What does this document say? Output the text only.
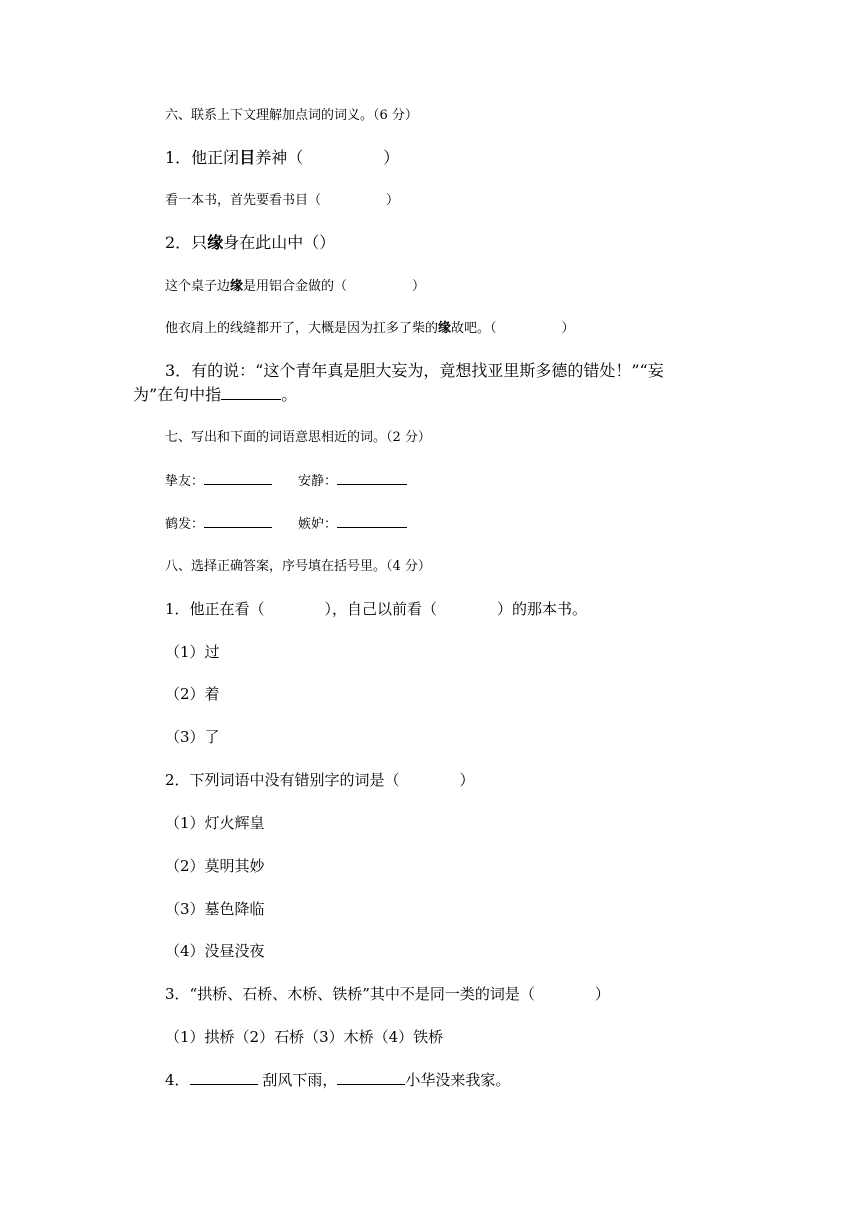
六、联系上下文理解加点词的词义。（6 分）
1．他正闭目养神（　　　　　）
看一本书，首先要看书目（　　　　　）
2．只缘身在此山中（）
这个桌子边缘是用铝合金做的（　　　　　）
他衣肩上的线缝都开了，大概是因为扛多了柴的缘故吧。（　　　　　）
3．有的说：“这个青年真是胆大妄为，竟想找亚里斯多德的错处！”“妄
为”在句中指	。
七、写出和下面的词语意思相近的词。（2 分）
挚友：	安静：
鹤发：	嫉妒：
八、选择正确答案，序号填在括号里。（4 分）
1．他正在看（　　　　），自己以前看（　　　　）的那本书。
（1）过
（2）着
（3）了
2．下列词语中没有错别字的词是（　　　　）
（1）灯火辉皇
（2）莫明其妙
（3）墓色降临
（4）没昼没夜
3．“拱桥、石桥、木桥、铁桥”其中不是同一类的词是（　　　　）
（1）拱桥（2）石桥（3）木桥（4）铁桥
4．	刮风下雨，	小华没来我家。
